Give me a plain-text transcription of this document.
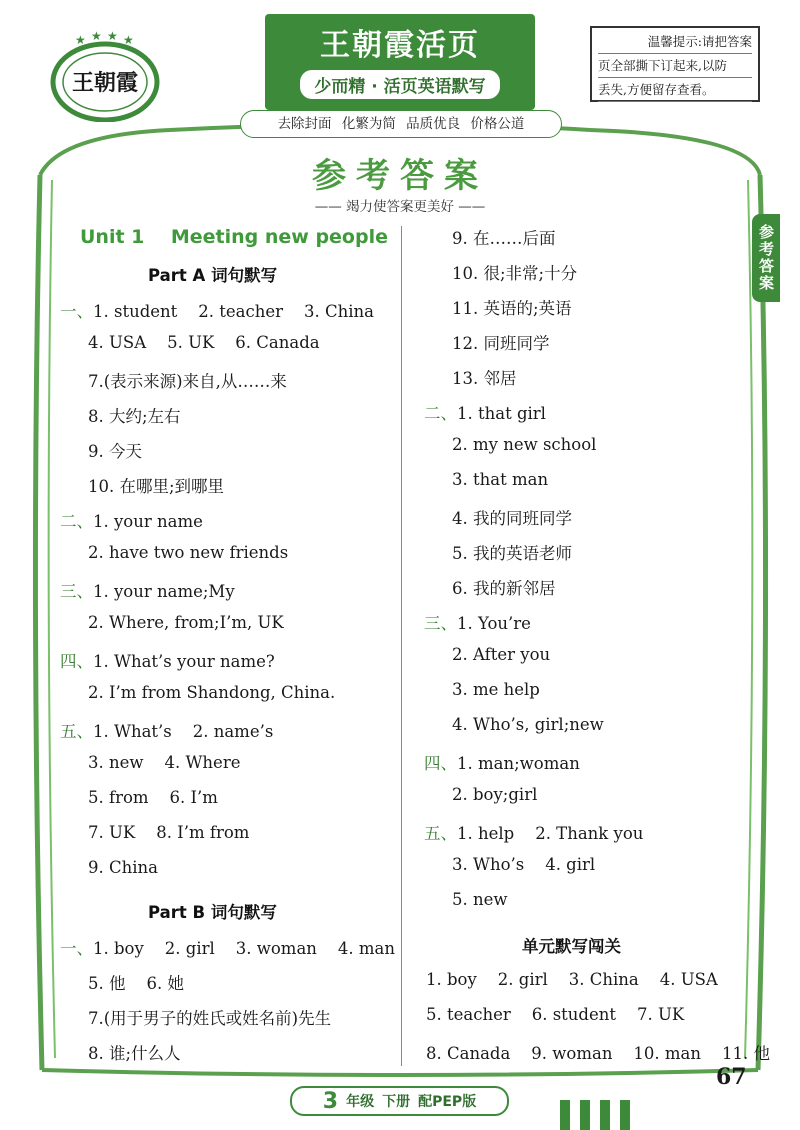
王朝霞
★ ★ ★ ★	王朝霞活页
少而精 · 活页英语默写
温馨提示:请把答案
页全部撕下订起来,以防
丢失,方便留存查看。
去除封面 化繁为简 品质优良 价格公道
参考答案
—— 竭力使答案更美好 ——
参考答案
Unit 1    Meeting new people
Part A 词句默写
一、1. student    2. teacher    3. China
4. USA    5. UK    6. Canada
7.(表示来源)来自,从……来
8. 大约;左右
9. 今天
10. 在哪里;到哪里
二、1. your name
2. have two new friends
三、1. your name;My
2. Where, from;I’m, UK
四、1. What’s your name?
2. I’m from Shandong, China.
五、1. What’s    2. name’s
3. new    4. Where
5. from    6. I’m
7. UK    8. I’m from
9. China
Part B 词句默写
一、1. boy    2. girl    3. woman    4. man
5. 他    6. 她
7.(用于男子的姓氏或姓名前)先生
8. 谁;什么人
9. 在……后面
10. 很;非常;十分
11. 英语的;英语
12. 同班同学
13. 邻居
二、1. that girl
2. my new school
3. that man
4. 我的同班同学
5. 我的英语老师
6. 我的新邻居
三、1. You’re
2. After you
3. me help
4. Who’s, girl;new
四、1. man;woman
2. boy;girl
五、1. help    2. Thank you
3. Who’s    4. girl
5. new
单元默写闯关
1. boy    2. girl    3. China    4. USA
5. teacher    6. student    7. UK
8. Canada    9. woman    10. man    11. 他
67
3 年级 下册 配PEP版
